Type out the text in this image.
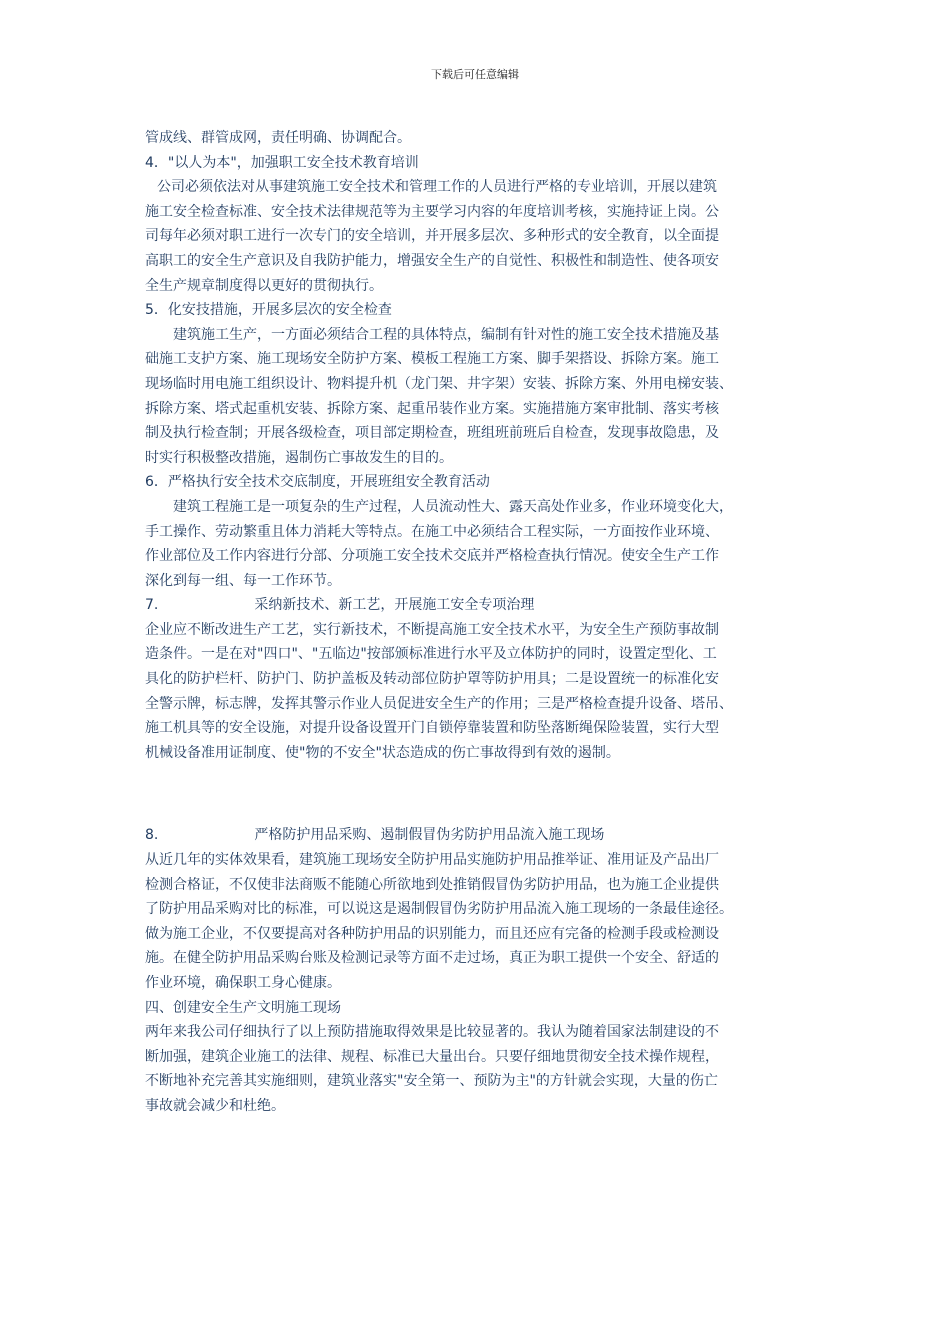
下载后可任意编辑
管成线、群管成网，责任明确、协调配合。
4．"以人为本"，加强职工安全技术教育培训
公司必须依法对从事建筑施工安全技术和管理工作的人员进行严格的专业培训，开展以建筑
施工安全检查标准、安全技术法律规范等为主要学习内容的年度培训考核，实施持证上岗。公
司每年必须对职工进行一次专门的安全培训，并开展多层次、多种形式的安全教育，以全面提
高职工的安全生产意识及自我防护能力，增强安全生产的自觉性、积极性和制造性、使各项安
全生产规章制度得以更好的贯彻执行。
5．化安技措施，开展多层次的安全检查
建筑施工生产，一方面必须结合工程的具体特点，编制有针对性的施工安全技术措施及基
础施工支护方案、施工现场安全防护方案、模板工程施工方案、脚手架搭设、拆除方案。施工
现场临时用电施工组织设计、物料提升机（龙门架、井字架）安装、拆除方案、外用电梯安装、
拆除方案、塔式起重机安装、拆除方案、起重吊装作业方案。实施措施方案审批制、落实考核
制及执行检查制；开展各级检查，项目部定期检查，班组班前班后自检查，发现事故隐患，及
时实行积极整改措施，遏制伤亡事故发生的目的。
6．严格执行安全技术交底制度，开展班组安全教育活动
建筑工程施工是一项复杂的生产过程，人员流动性大、露天高处作业多，作业环境变化大，
手工操作、劳动繁重且体力消耗大等特点。在施工中必须结合工程实际，一方面按作业环境、
作业部位及工作内容进行分部、分项施工安全技术交底并严格检查执行情况。使安全生产工作
深化到每一组、每一工作环节。
7.	采纳新技术、新工艺，开展施工安全专项治理
企业应不断改进生产工艺，实行新技术，不断提高施工安全技术水平，为安全生产预防事故制
造条件。一是在对"四口"、"五临边"按部颁标准进行水平及立体防护的同时，设置定型化、工
具化的防护栏杆、防护门、防护盖板及转动部位防护罩等防护用具；二是设置统一的标准化安
全警示牌，标志牌，发挥其警示作业人员促进安全生产的作用；三是严格检查提升设备、塔吊、
施工机具等的安全设施，对提升设备设置开门自锁停靠装置和防坠落断绳保险装置，实行大型
机械设备准用证制度、使"物的不安全"状态造成的伤亡事故得到有效的遏制。
8.	严格防护用品采购、遏制假冒伪劣防护用品流入施工现场
从近几年的实体效果看，建筑施工现场安全防护用品实施防护用品推举证、准用证及产品出厂
检测合格证，不仅使非法商贩不能随心所欲地到处推销假冒伪劣防护用品，也为施工企业提供
了防护用品采购对比的标准，可以说这是遏制假冒伪劣防护用品流入施工现场的一条最佳途径。
做为施工企业，不仅要提高对各种防护用品的识别能力，而且还应有完备的检测手段或检测设
施。在健全防护用品采购台账及检测记录等方面不走过场，真正为职工提供一个安全、舒适的
作业环境，确保职工身心健康。
四、创建安全生产文明施工现场
两年来我公司仔细执行了以上预防措施取得效果是比较显著的。我认为随着国家法制建设的不
断加强，建筑企业施工的法律、规程、标准已大量出台。只要仔细地贯彻安全技术操作规程，
不断地补充完善其实施细则，建筑业落实"安全第一、预防为主"的方针就会实现，大量的伤亡
事故就会减少和杜绝。
